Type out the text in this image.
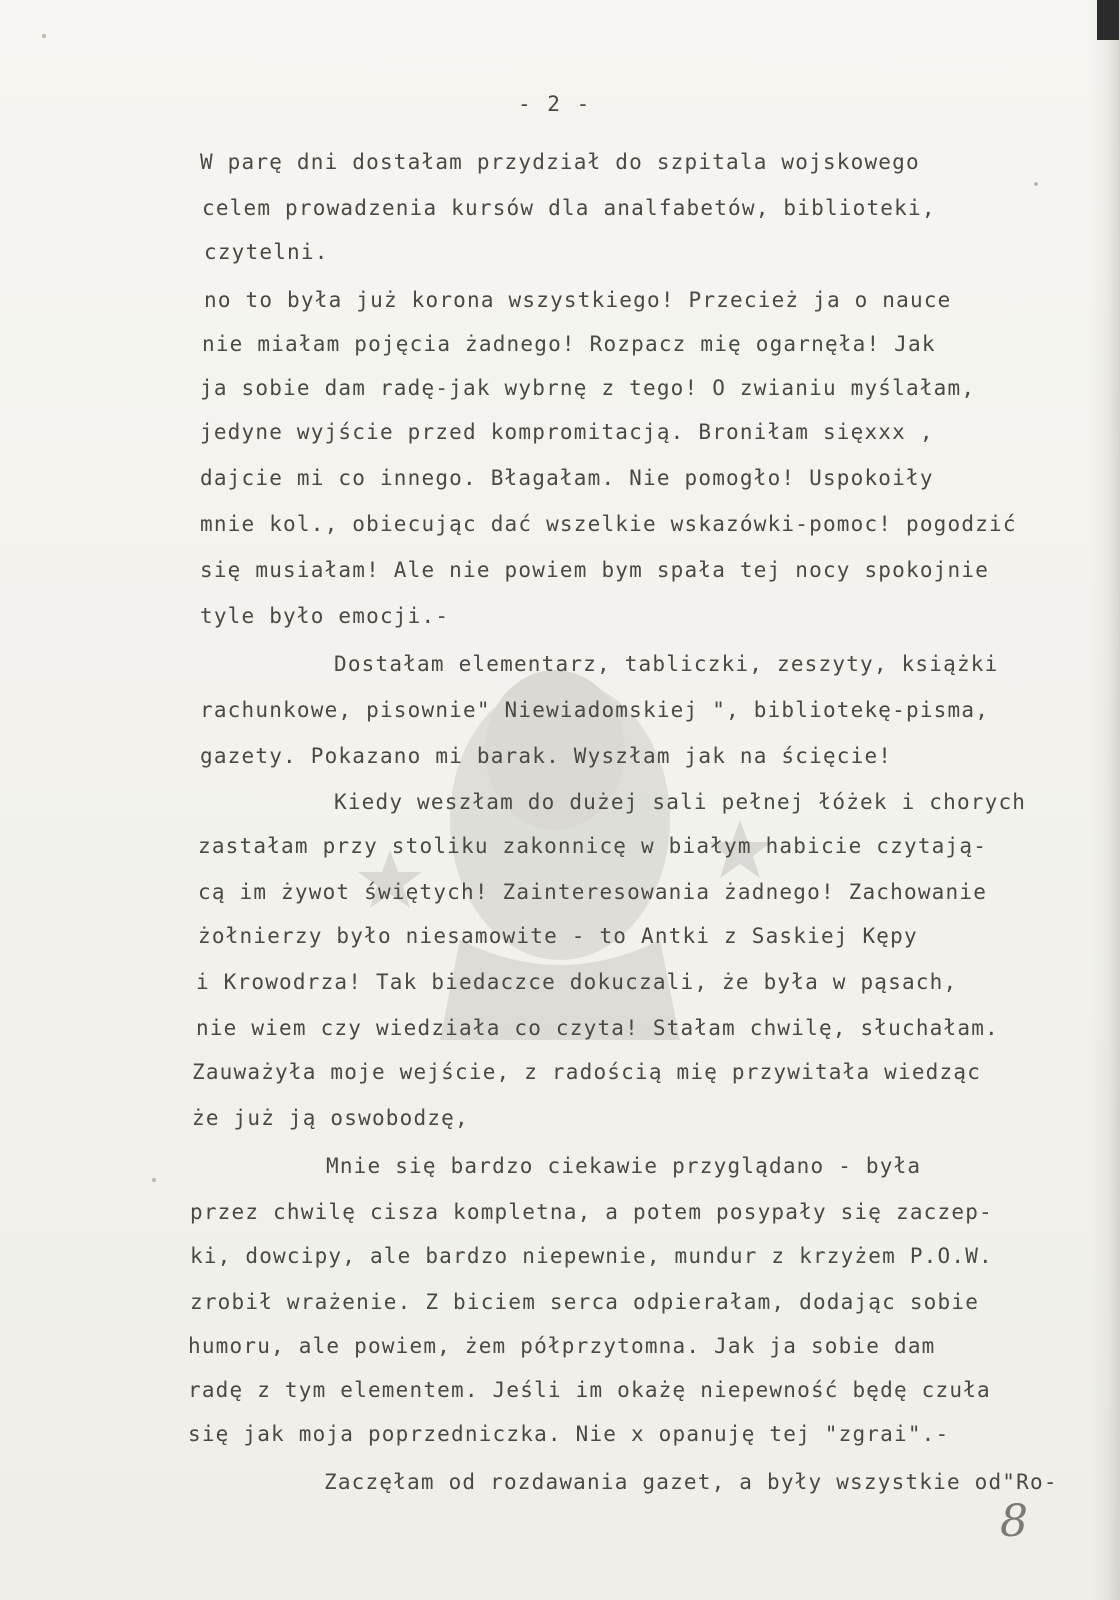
- 2 -
W parę dni dostałam przydział do szpitala wojskowego
celem prowadzenia kursów dla analfabetów, biblioteki,
czytelni.
no to była już korona wszystkiego! Przecież ja o nauce
nie miałam pojęcia żadnego! Rozpacz mię ogarnęła! Jak
ja sobie dam radę-jak wybrnę z tego! O zwianiu myślałam,
jedyne wyjście przed kompromitacją. Broniłam sięxxx ,
dajcie mi co innego. Błagałam. Nie pomogło! Uspokoiły
mnie kol., obiecując dać wszelkie wskazówki-pomoc! pogodzić
się musiałam! Ale nie powiem bym spała tej nocy spokojnie
tyle było emocji.-
Dostałam elementarz, tabliczki, zeszyty, książki
rachunkowe, pisownie" Niewiadomskiej ", bibliotekę-pisma,
gazety. Pokazano mi barak. Wyszłam jak na ścięcie!
Kiedy weszłam do dużej sali pełnej łóżek i chorych
zastałam przy stoliku zakonnicę w białym habicie czytają-
cą im żywot świętych! Zainteresowania żadnego! Zachowanie
żołnierzy było niesamowite - to Antki z Saskiej Kępy
i Krowodrza! Tak biedaczce dokuczali, że była w pąsach,
nie wiem czy wiedziała co czyta! Stałam chwilę, słuchałam.
Zauważyła moje wejście, z radością mię przywitała wiedząc
że już ją oswobodzę,
Mnie się bardzo ciekawie przyglądano - była
przez chwilę cisza kompletna, a potem posypały się zaczep-
ki, dowcipy, ale bardzo niepewnie, mundur z krzyżem P.O.W.
zrobił wrażenie. Z biciem serca odpierałam, dodając sobie
humoru, ale powiem, żem półprzytomna. Jak ja sobie dam
radę z tym elementem. Jeśli im okażę niepewność będę czuła
się jak moja poprzedniczka. Nie x opanuję tej "zgrai".-
Zaczęłam od rozdawania gazet, a były wszystkie od"Ro-
8
